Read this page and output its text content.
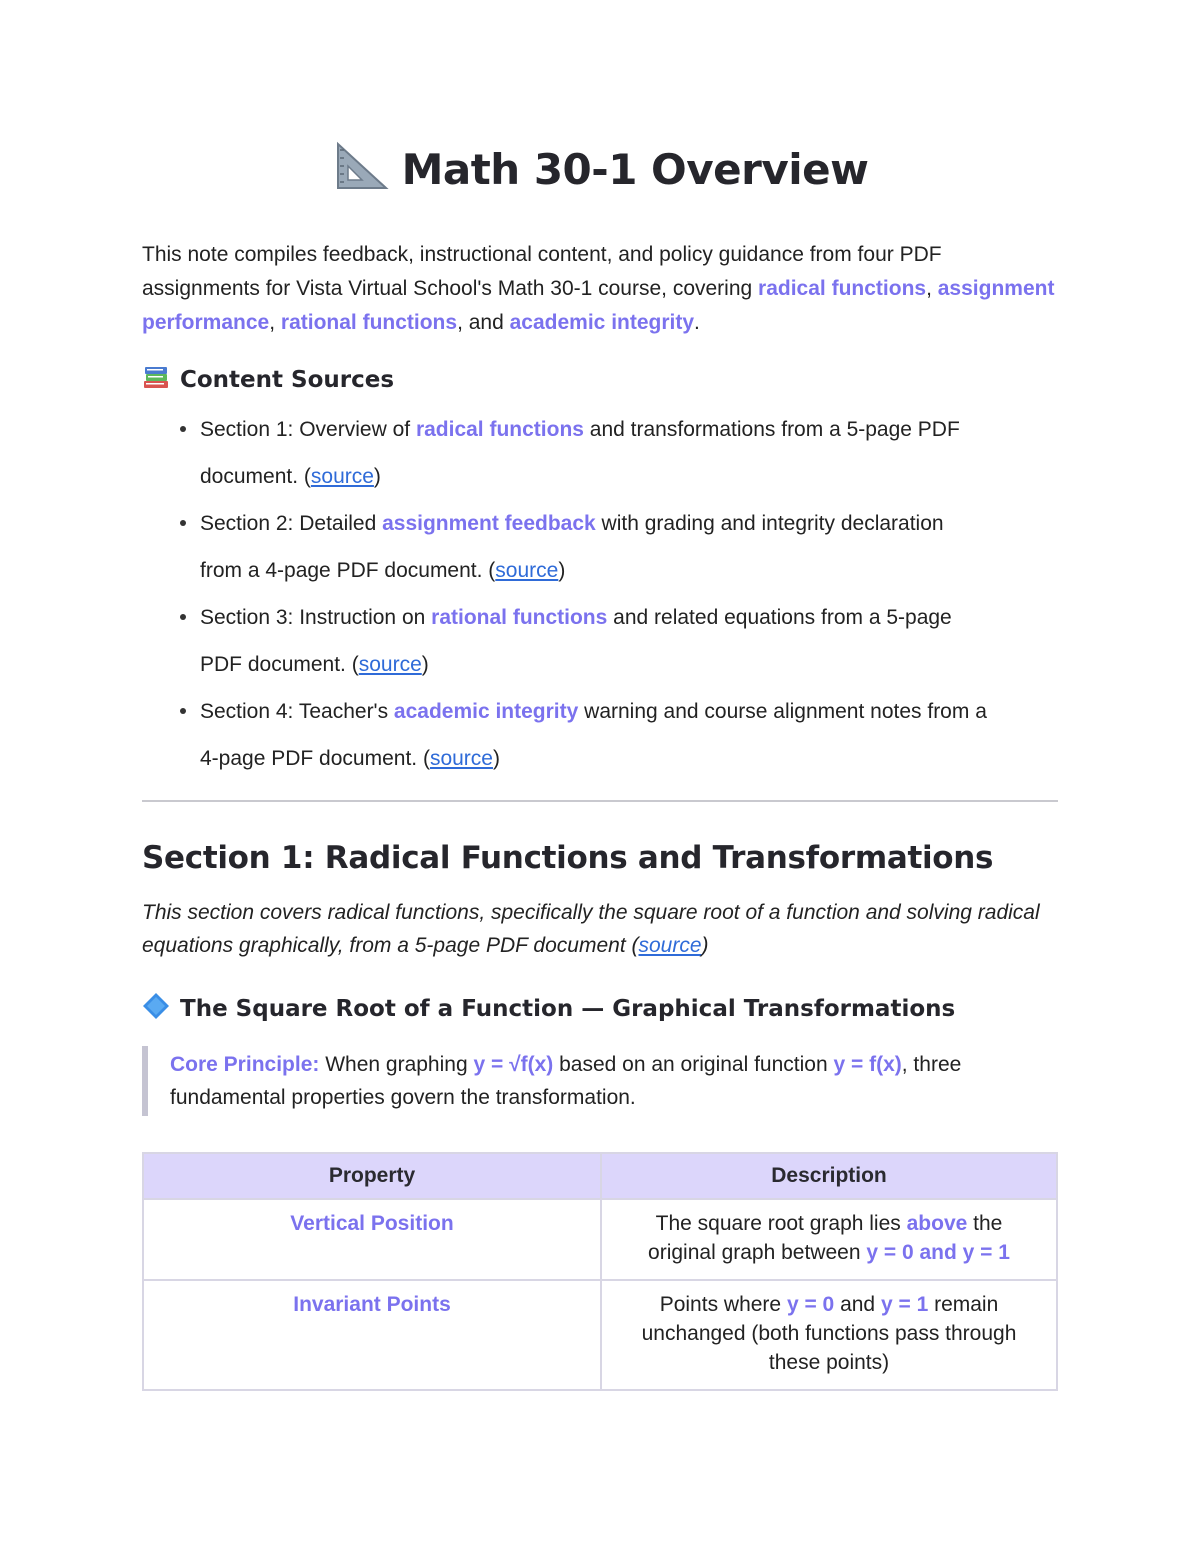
Math 30-1 Overview

This note compiles feedback, instructional content, and policy guidance from four PDF assignments for Vista Virtual School's Math 30-1 course, covering radical functions, assignment performance, rational functions, and academic integrity.

Content Sources
Section 1: Overview of radical functions and transformations from a 5-page PDF document. (source)
Section 2: Detailed assignment feedback with grading and integrity declaration from a 4-page PDF document. (source)
Section 3: Instruction on rational functions and related equations from a 5-page PDF document. (source)
Section 4: Teacher's academic integrity warning and course alignment notes from a 4-page PDF document. (source)
Section 1: Radical Functions and Transformations

This section covers radical functions, specifically the square root of a function and solving radical equations graphically, from a 5-page PDF document (source)

The Square Root of a Function — Graphical Transformations
Core Principle: When graphing y = √f(x) based on an original function y = f(x), three fundamental properties govern the transformation.
Property	Description
Vertical Position	The square root graph lies above the original graph between y = 0 and y = 1
Invariant Points	Points where y = 0 and y = 1 remain unchanged (both functions pass through these points)
